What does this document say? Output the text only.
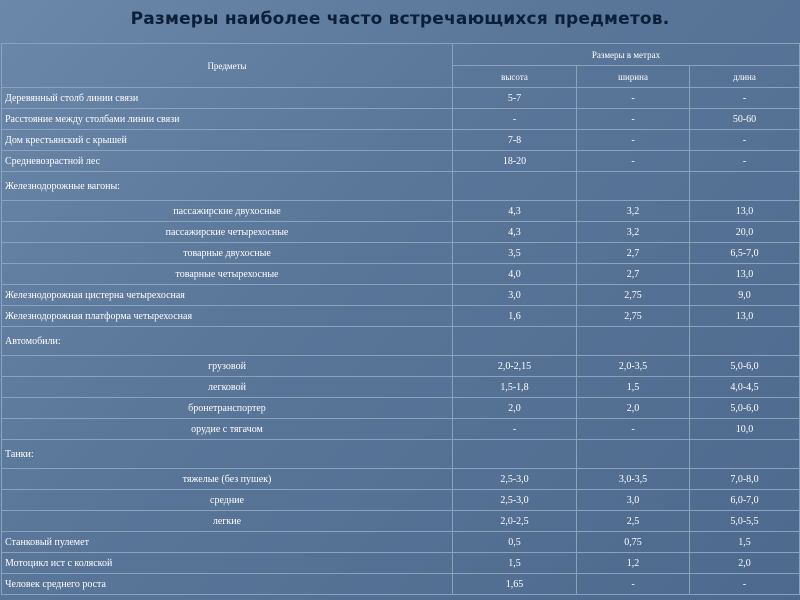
Размеры наиболее часто встречающихся предметов.
Предметы	Размеры в метрах		
	высота	ширина	длина
Деревянный столб линии связи	5-7	-	-
Расстояние между столбами линии связи	-	-	50-60
Дом крестьянский с крышей	7-8	-	-
Средневозрастной лес	18-20	-	-
Железнодорожные вагоны:			
пассажирские двухосные	4,3	3,2	13,0
пассажирские четырехосные	4,3	3,2	20,0
товарные двухосные	3,5	2,7	6,5-7,0
товарные четырехосные	4,0	2,7	13,0
Железнодорожная цистерна четырехосная	3,0	2,75	9,0
Железнодорожная платформа четырехосная	1,6	2,75	13,0
Автомобили:			
грузовой	2,0-2,15	2,0-3,5	5,0-6,0
легковой	1,5-1,8	1,5	4,0-4,5
бронетранспортер	2,0	2,0	5,0-6,0
орудие с тягачом	-	-	10,0
Танки:			
тяжелые (без пушек)	2,5-3,0	3,0-3,5	7,0-8,0
средние	2,5-3,0	3,0	6,0-7,0
легкие	2,0-2,5	2,5	5,0-5,5
Станковый пулемет	0,5	0,75	1,5
Мотоцикл ист с коляской	1,5	1,2	2,0
Человек среднего роста	1,65	-	-
